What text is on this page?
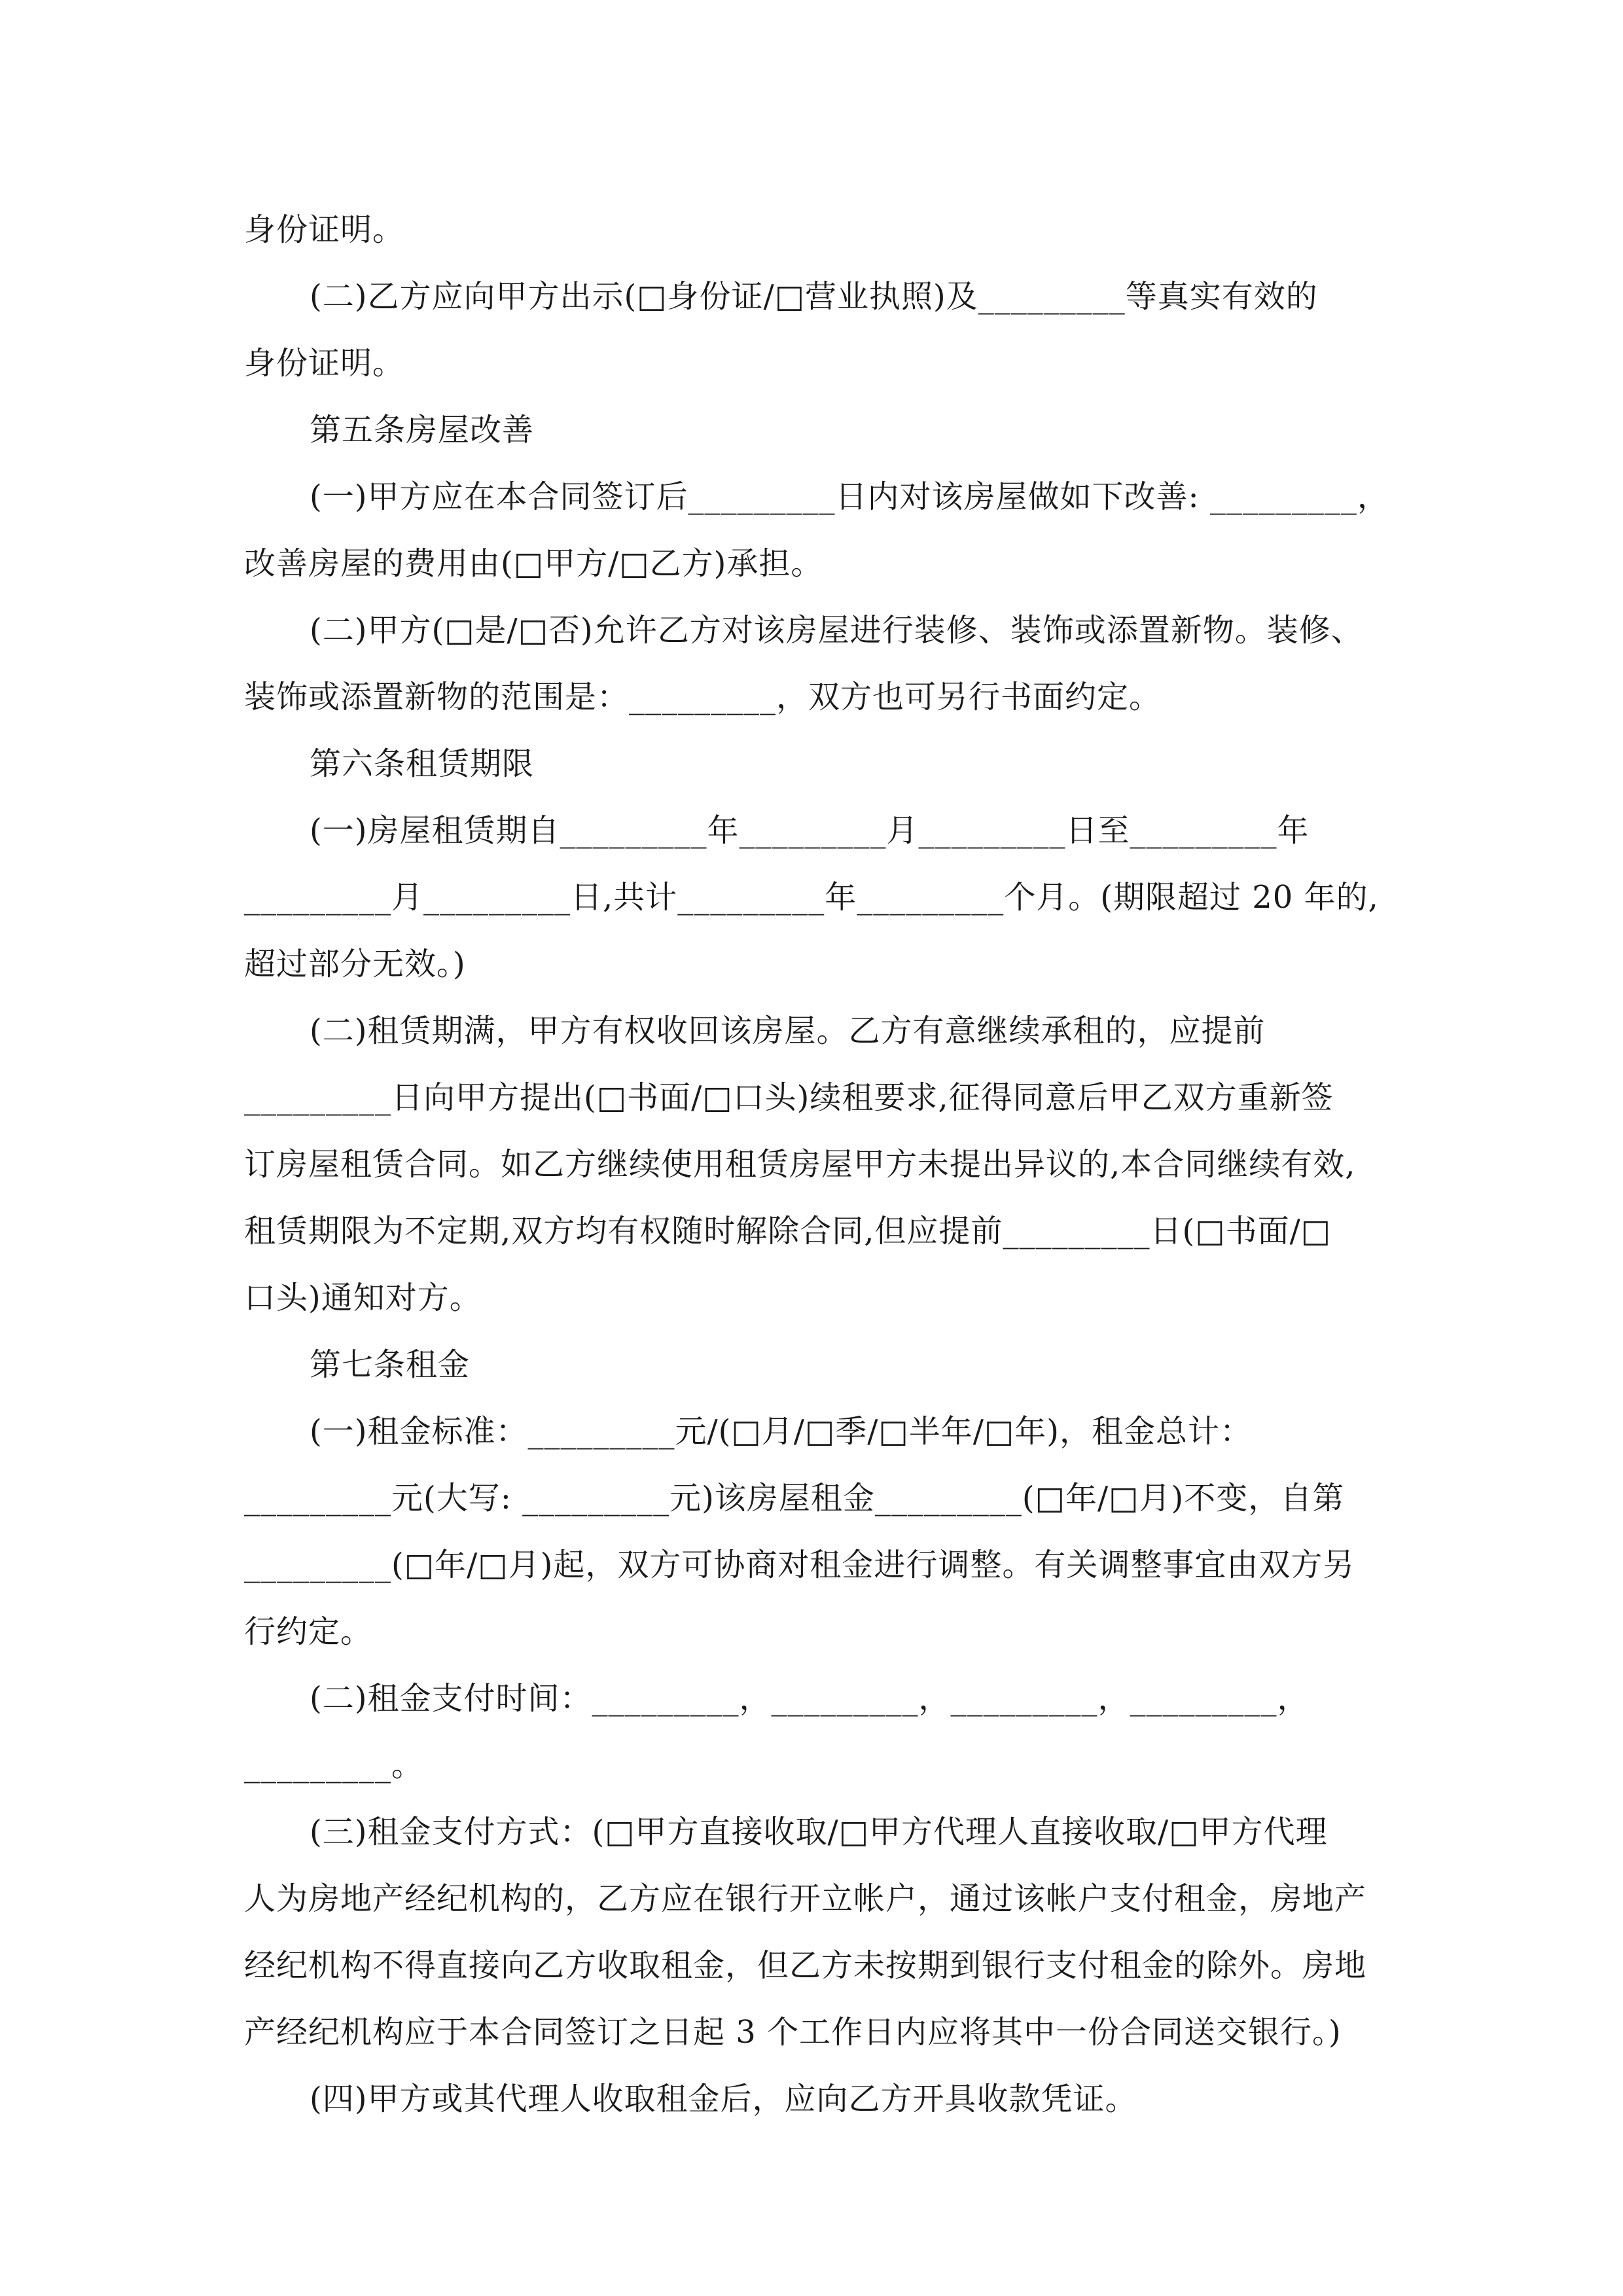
身份证明。
(二)乙方应向甲方出示(□身份证/□营业执照)及_________等真实有效的
身份证明。
第五条房屋改善
(一)甲方应在本合同签订后_________日内对该房屋做如下改善: _________，
改善房屋的费用由(□甲方/□乙方)承担。
(二)甲方(□是/□否)允许乙方对该房屋进行装修、装饰或添置新物。装修、
装饰或添置新物的范围是：_________，双方也可另行书面约定。
第六条租赁期限
(一)房屋租赁期自_________年_________月_________日至_________年
_________月_________日,共计_________年_________个月。(期限超过 20 年的,
超过部分无效。)
(二)租赁期满，甲方有权收回该房屋。乙方有意继续承租的，应提前
_________日向甲方提出(□书面/□口头)续租要求,征得同意后甲乙双方重新签
订房屋租赁合同。如乙方继续使用租赁房屋甲方未提出异议的,本合同继续有效,
租赁期限为不定期,双方均有权随时解除合同,但应提前_________日(□书面/□
口头)通知对方。
第七条租金
(一)租金标准：_________元/(□月/□季/□半年/□年)，租金总计：
_________元(大写: _________元)该房屋租金_________(□年/□月)不变，自第
_________(□年/□月)起，双方可协商对租金进行调整。有关调整事宜由双方另
行约定。
(二)租金支付时间：_________，_________，_________，_________，
_________。
(三)租金支付方式：(□甲方直接收取/□甲方代理人直接收取/□甲方代理
人为房地产经纪机构的，乙方应在银行开立帐户，通过该帐户支付租金，房地产
经纪机构不得直接向乙方收取租金，但乙方未按期到银行支付租金的除外。房地
产经纪机构应于本合同签订之日起 3 个工作日内应将其中一份合同送交银行。)
(四)甲方或其代理人收取租金后，应向乙方开具收款凭证。
